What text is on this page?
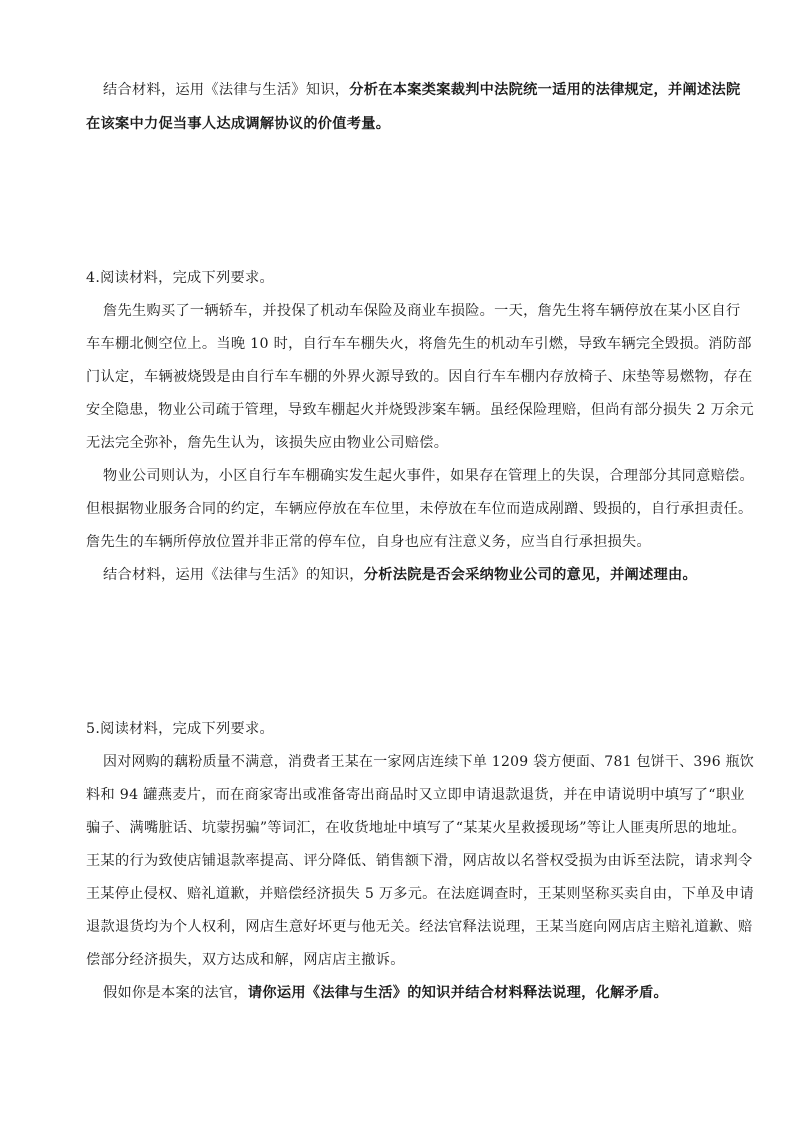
结合材料，运用《法律与生活》知识，分析在本案类案裁判中法院统一适用的法律规定，并阐述法院
在该案中力促当事人达成调解协议的价值考量。
4.阅读材料，完成下列要求。
詹先生购买了一辆轿车，并投保了机动车保险及商业车损险。一天，詹先生将车辆停放在某小区自行
车车棚北侧空位上。当晚 10 时，自行车车棚失火，将詹先生的机动车引燃，导致车辆完全毁损。消防部
门认定，车辆被烧毁是由自行车车棚的外界火源导致的。因自行车车棚内存放椅子、床垫等易燃物，存在
安全隐患，物业公司疏于管理，导致车棚起火并烧毁涉案车辆。虽经保险理赔，但尚有部分损失 2 万余元
无法完全弥补，詹先生认为，该损失应由物业公司赔偿。
物业公司则认为，小区自行车车棚确实发生起火事件，如果存在管理上的失误，合理部分其同意赔偿。
但根据物业服务合同的约定，车辆应停放在车位里，未停放在车位而造成剐蹭、毁损的，自行承担责任。
詹先生的车辆所停放位置并非正常的停车位，自身也应有注意义务，应当自行承担损失。
结合材料，运用《法律与生活》的知识，分析法院是否会采纳物业公司的意见，并阐述理由。
5.阅读材料，完成下列要求。
因对网购的藕粉质量不满意，消费者王某在一家网店连续下单 1209 袋方便面、781 包饼干、396 瓶饮
料和 94 罐燕麦片，而在商家寄出或准备寄出商品时又立即申请退款退货，并在申请说明中填写了“职业
骗子、满嘴脏话、坑蒙拐骗”等词汇，在收货地址中填写了“某某火星救援现场”等让人匪夷所思的地址。
王某的行为致使店铺退款率提高、评分降低、销售额下滑，网店故以名誉权受损为由诉至法院，请求判令
王某停止侵权、赔礼道歉，并赔偿经济损失 5 万多元。在法庭调查时，王某则坚称买卖自由，下单及申请
退款退货均为个人权利，网店生意好坏更与他无关。经法官释法说理，王某当庭向网店店主赔礼道歉、赔
偿部分经济损失，双方达成和解，网店店主撤诉。
假如你是本案的法官，请你运用《法律与生活》的知识并结合材料释法说理，化解矛盾。
